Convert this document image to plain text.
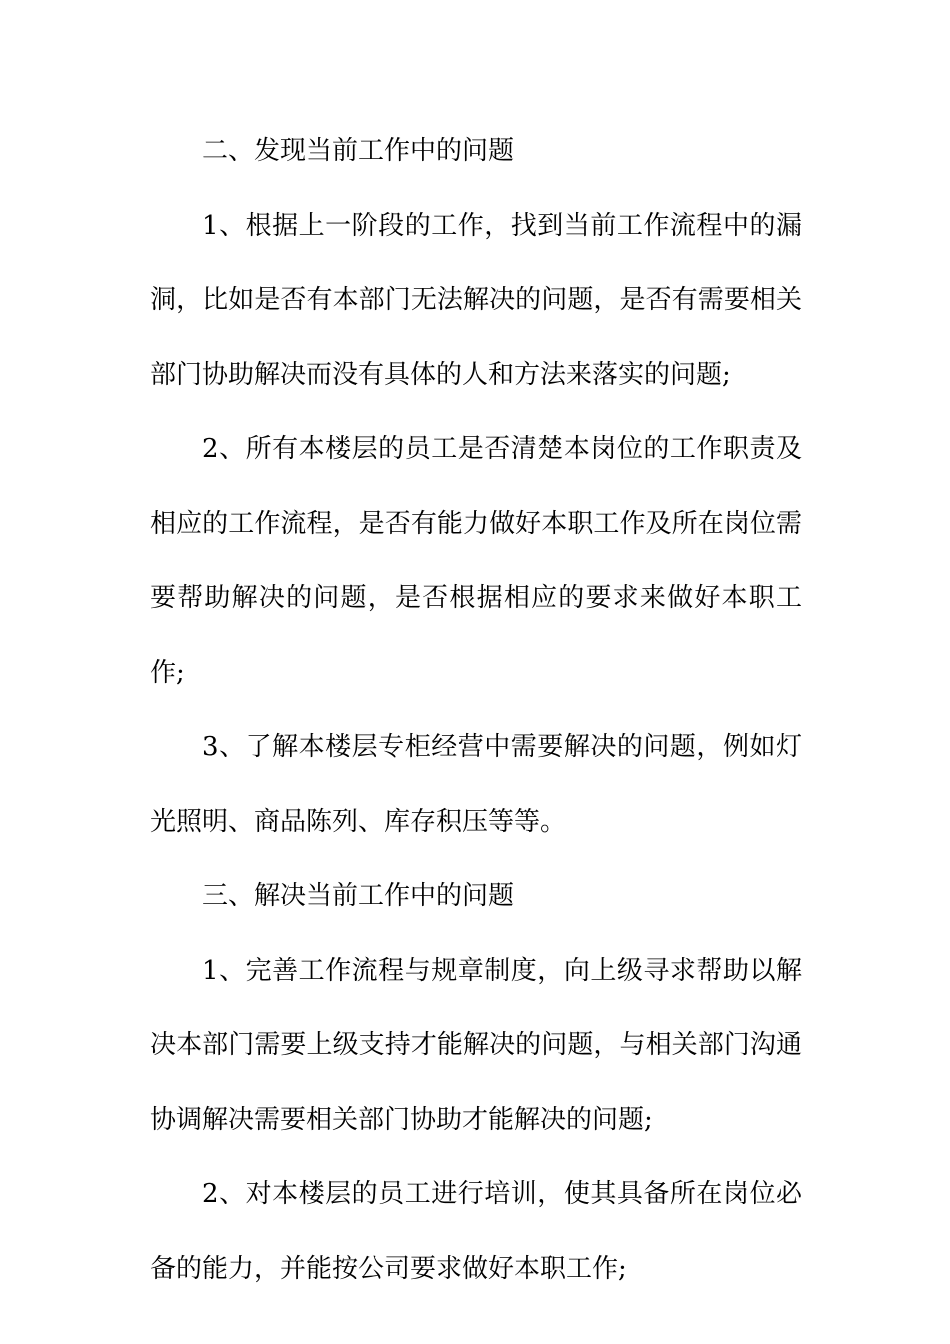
二、发现当前工作中的问题

1、根据上一阶段的工作，找到当前工作流程中的漏洞，比如是否有本部门无法解决的问题，是否有需要相关部门协助解决而没有具体的人和方法来落实的问题;

2、所有本楼层的员工是否清楚本岗位的工作职责及相应的工作流程，是否有能力做好本职工作及所在岗位需要帮助解决的问题，是否根据相应的要求来做好本职工作;

3、了解本楼层专柜经营中需要解决的问题，例如灯光照明、商品陈列、库存积压等等。

三、解决当前工作中的问题

1、完善工作流程与规章制度，向上级寻求帮助以解决本部门需要上级支持才能解决的问题，与相关部门沟通协调解决需要相关部门协助才能解决的问题;

2、对本楼层的员工进行培训，使其具备所在岗位必备的能力，并能按公司要求做好本职工作;
